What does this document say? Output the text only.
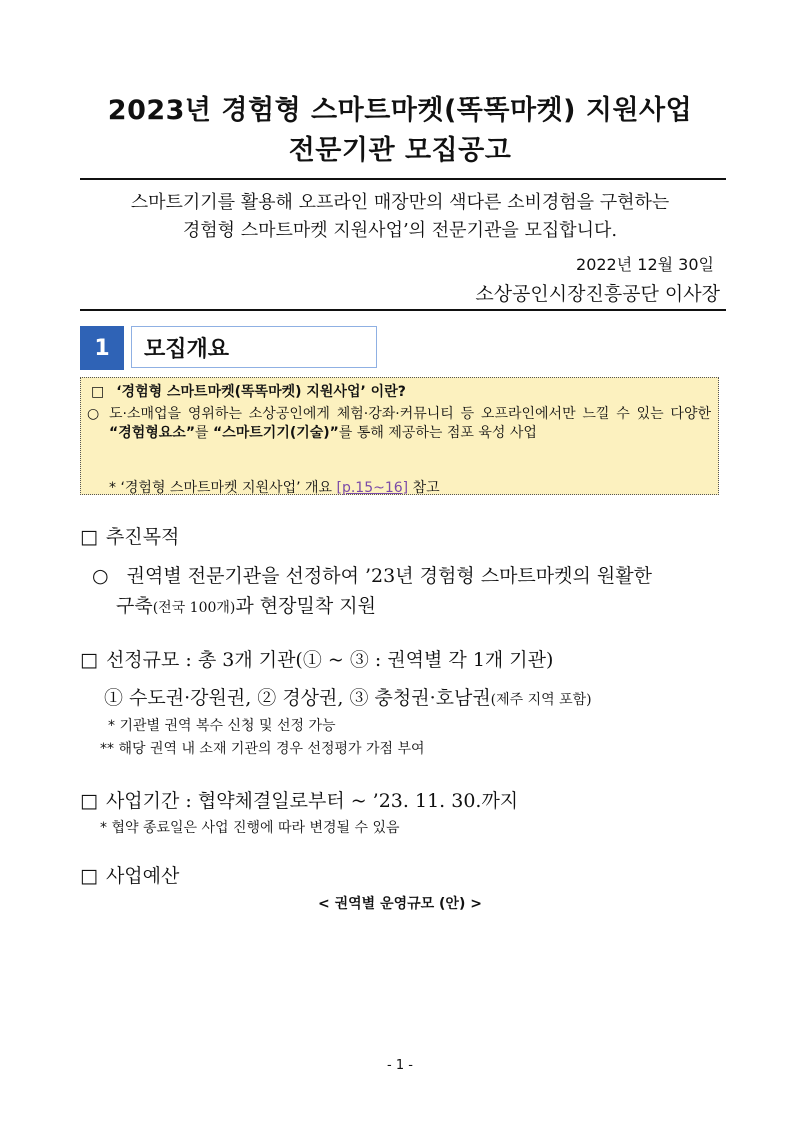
2023년 경험형 스마트마켓(똑똑마켓) 지원사업
전문기관 모집공고
스마트기기를 활용해 오프라인 매장만의 색다른 소비경험을 구현하는
경험형 스마트마켓 지원사업’의 전문기관을 모집합니다.
2022년 12월 30일
소상공인시장진흥공단 이사장
1	모집개요
□ ‘경험형 스마트마켓(똑똑마켓) 지원사업’ 이란?
○ 도·소매업을 영위하는 소상공인에게 체험·강좌·커뮤니티 등 오프라인에서만 느낄 수 있는 다양한 “경험형요소”를 “스마트기기(기술)”를 통해 제공하는 점포 육성 사업
* ‘경험형 스마트마켓 지원사업’ 개요 [p.15~16] 참고
□ 추진목적
○ 권역별 전문기관을 선정하여 ’23년 경험형 스마트마켓의 원활한
구축(전국 100개)과 현장밀착 지원
□ 선정규모 : 총 3개 기관(① ~ ③ : 권역별 각 1개 기관)
① 수도권·강원권, ② 경상권, ③ 충청권·호남권(제주 지역 포함)
* 기관별 권역 복수 신청 및 선정 가능
** 해당 권역 내 소재 기관의 경우 선정평가 가점 부여
□ 사업기간 : 협약체결일로부터 ~ ’23. 11. 30.까지
* 협약 종료일은 사업 진행에 따라 변경될 수 있음
□ 사업예산
< 권역별 운영규모 (안) >
- 1 -
